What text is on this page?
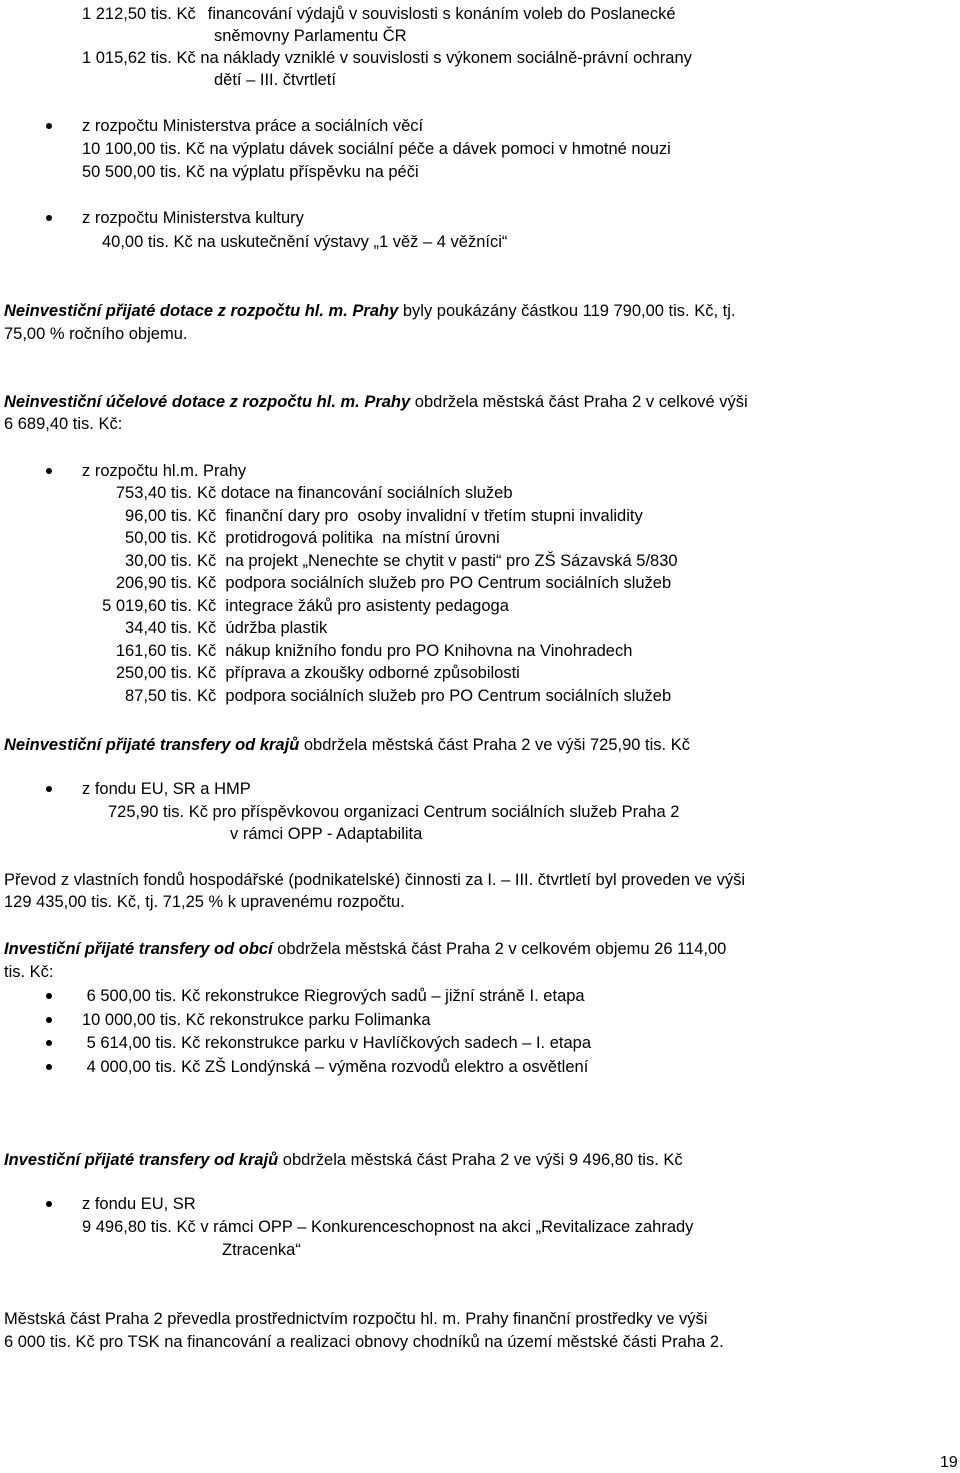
1 212,50 tis. Kč financování výdajů v souvislosti s konáním voleb do Poslanecké
sněmovny Parlamentu ČR
1 015,62 tis. Kč na náklady vzniklé v souvislosti s výkonem sociálně-právní ochrany
dětí – III. čtvrtletí
z rozpočtu Ministerstva práce a sociálních věcí
10 100,00 tis. Kč na výplatu dávek sociální péče a dávek pomoci v hmotné nouzi
50 500,00 tis. Kč na výplatu příspěvku na péči
z rozpočtu Ministerstva kultury
40,00 tis. Kč na uskutečnění výstavy „1 věž – 4 věžníci“
Neinvestiční přijaté dotace z rozpočtu hl. m. Prahy byly poukázány částkou 119 790,00 tis. Kč, tj.
75,00 % ročního objemu.
Neinvestiční účelové dotace z rozpočtu hl. m. Prahy obdržela městská část Praha 2 v celkové výši
6 689,40 tis. Kč:
z rozpočtu hl.m. Prahy
753,40 tis. Kč dotace na financování sociálních služeb
96,00 tis. Kč  finanční dary pro  osoby invalidní v třetím stupni invalidity
50,00 tis. Kč  protidrogová politika  na místní úrovni
30,00 tis. Kč  na projekt „Nenechte se chytit v pasti“ pro ZŠ Sázavská 5/830
206,90 tis. Kč  podpora sociálních služeb pro PO Centrum sociálních služeb
5 019,60 tis. Kč  integrace žáků pro asistenty pedagoga
34,40 tis. Kč  údržba plastik
161,60 tis. Kč  nákup knižního fondu pro PO Knihovna na Vinohradech
250,00 tis. Kč  příprava a zkoušky odborné způsobilosti
87,50 tis. Kč  podpora sociálních služeb pro PO Centrum sociálních služeb
Neinvestiční přijaté transfery od krajů obdržela městská část Praha 2 ve výši 725,90 tis. Kč
z fondu EU, SR a HMP
725,90 tis. Kč pro příspěvkovou organizaci Centrum sociálních služeb Praha 2
v rámci OPP - Adaptabilita
Převod z vlastních fondů hospodářské (podnikatelské) činnosti za I. – III. čtvrtletí byl proveden ve výši
129 435,00 tis. Kč, tj. 71,25 % k upravenému rozpočtu.
Investiční přijaté transfery od obcí obdržela městská část Praha 2 v celkovém objemu 26 114,00
tis. Kč:
6 500,00 tis. Kč rekonstrukce Riegrových sadů – jižní stráně I. etapa
10 000,00 tis. Kč rekonstrukce parku Folimanka
5 614,00 tis. Kč rekonstrukce parku v Havlíčkových sadech – I. etapa
4 000,00 tis. Kč ZŠ Londýnská – výměna rozvodů elektro a osvětlení
Investiční přijaté transfery od krajů obdržela městská část Praha 2 ve výši 9 496,80 tis. Kč
z fondu EU, SR
9 496,80 tis. Kč v rámci OPP – Konkurenceschopnost na akci „Revitalizace zahrady
Ztracenka“
Městská část Praha 2 převedla prostřednictvím rozpočtu hl. m. Prahy finanční prostředky ve výši
6 000 tis. Kč pro TSK na financování a realizaci obnovy chodníků na území městské části Praha 2.
19
